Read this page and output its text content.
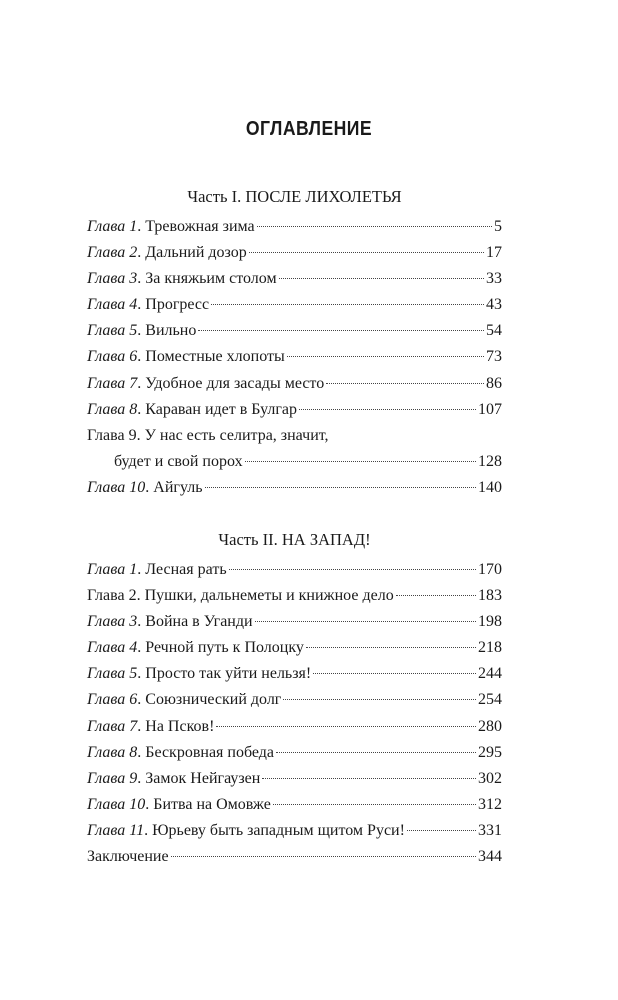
ОГЛАВЛЕНИЕ
Часть I. ПОСЛЕ ЛИХОЛЕТЬЯ
Глава 1 . Тревожная зима	5
Глава 2 . Дальний дозор	17
Глава 3 . За княжьим столом	33
Глава 4 . Прогресс	43
Глава 5 . Вильно	54
Глава 6 . Поместные хлопоты	73
Глава 7 . Удобное для засады место	86
Глава 8 . Караван идет в Булгар	107
Глава 9. У нас есть селитра, значит,
будет и свой порох	128
Глава 10 . Айгуль	140
Часть II. НА ЗАПАД!
Глава 1 . Лесная рать	170
Глава 2 . Пушки, дальнеметы и книжное дело	183
Глава 3 . Война в Уганди	198
Глава 4 . Речной путь к Полоцку	218
Глава 5 . Просто так уйти нельзя!	244
Глава 6 . Союзнический долг	254
Глава 7 . На Псков!	280
Глава 8 . Бескровная победа	295
Глава 9 . Замок Нейгаузен	302
Глава 10 . Битва на Омовже	312
Глава 11 . Юрьеву быть западным щитом Руси!	331
Заключение	344
